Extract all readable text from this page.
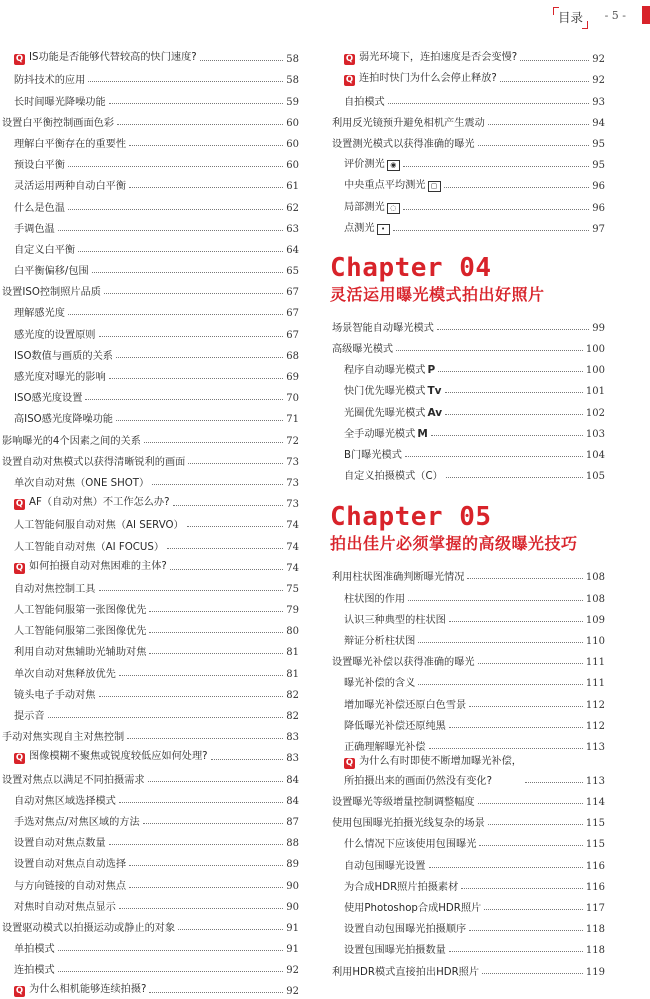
目录	- 5 -
Q IS功能是否能够代替较高的快门速度?	58
防抖技术的应用	58
长时间曝光降噪功能	59
设置白平衡控制画面色彩	60
理解白平衡存在的重要性	60
预设白平衡	60
灵活运用两种自动白平衡	61
什么是色温	62
手调色温	63
自定义白平衡	64
白平衡偏移/包围	65
设置ISO控制照片品质	67
理解感光度	67
感光度的设置原则	67
ISO数值与画质的关系	68
感光度对曝光的影响	69
ISO感光度设置	70
高ISO感光度降噪功能	71
影响曝光的4个因素之间的关系	72
设置自动对焦模式以获得清晰锐利的画面	73
单次自动对焦（ONE SHOT）	73
Q AF（自动对焦）不工作怎么办?	73
人工智能伺服自动对焦（AI SERVO）	74
人工智能自动对焦（AI FOCUS）	74
Q 如何拍摄自动对焦困难的主体?	74
自动对焦控制工具	75
人工智能伺服第一张图像优先	79
人工智能伺服第二张图像优先	80
利用自动对焦辅助光辅助对焦	81
单次自动对焦释放优先	81
镜头电子手动对焦	82
提示音	82
手动对焦实现自主对焦控制	83
Q 图像模糊不聚焦或锐度较低应如何处理?	83
设置对焦点以满足不同拍摄需求	84
自动对焦区域选择模式	84
手选对焦点/对焦区域的方法	87
设置自动对焦点数量	88
设置自动对焦点自动选择	89
与方向链接的自动对焦点	90
对焦时自动对焦点显示	90
设置驱动模式以拍摄运动或静止的对象	91
单拍模式	91
连拍模式	92
Q 为什么相机能够连续拍摄?	92
Q 弱光环境下，连拍速度是否会变慢?	92
Q 连拍时快门为什么会停止释放?	92
自拍模式	93
利用反光镜预升避免相机产生震动	94
设置测光模式以获得准确的曝光	95
评价测光 ◉	95
中央重点平均测光 ▢	96
局部测光 ◌	96
点测光 •	97
Chapter 04
灵活运用曝光模式拍出好照片
场景智能自动曝光模式	99
高级曝光模式	100
程序自动曝光模式 P	100
快门优先曝光模式 Tv	101
光圈优先曝光模式 Av	102
全手动曝光模式 M	103
B门曝光模式	104
自定义拍摄模式（C）	105
Chapter 05
拍出佳片必须掌握的高级曝光技巧
利用柱状图准确判断曝光情况	108
柱状图的作用	108
认识三种典型的柱状图	109
辩证分析柱状图	110
设置曝光补偿以获得准确的曝光	111
曝光补偿的含义	111
增加曝光补偿还原白色雪景	112
降低曝光补偿还原纯黑	112
正确理解曝光补偿	113
Q 为什么有时即使不断增加曝光补偿，
所拍摄出来的画面仍然没有变化?	113
设置曝光等级增量控制调整幅度	114
使用包围曝光拍摄光线复杂的场景	115
什么情况下应该使用包围曝光	115
自动包围曝光设置	116
为合成HDR照片拍摄素材	116
使用Photoshop合成HDR照片	117
设置自动包围曝光拍摄顺序	118
设置包围曝光拍摄数量	118
利用HDR模式直接拍出HDR照片	119
